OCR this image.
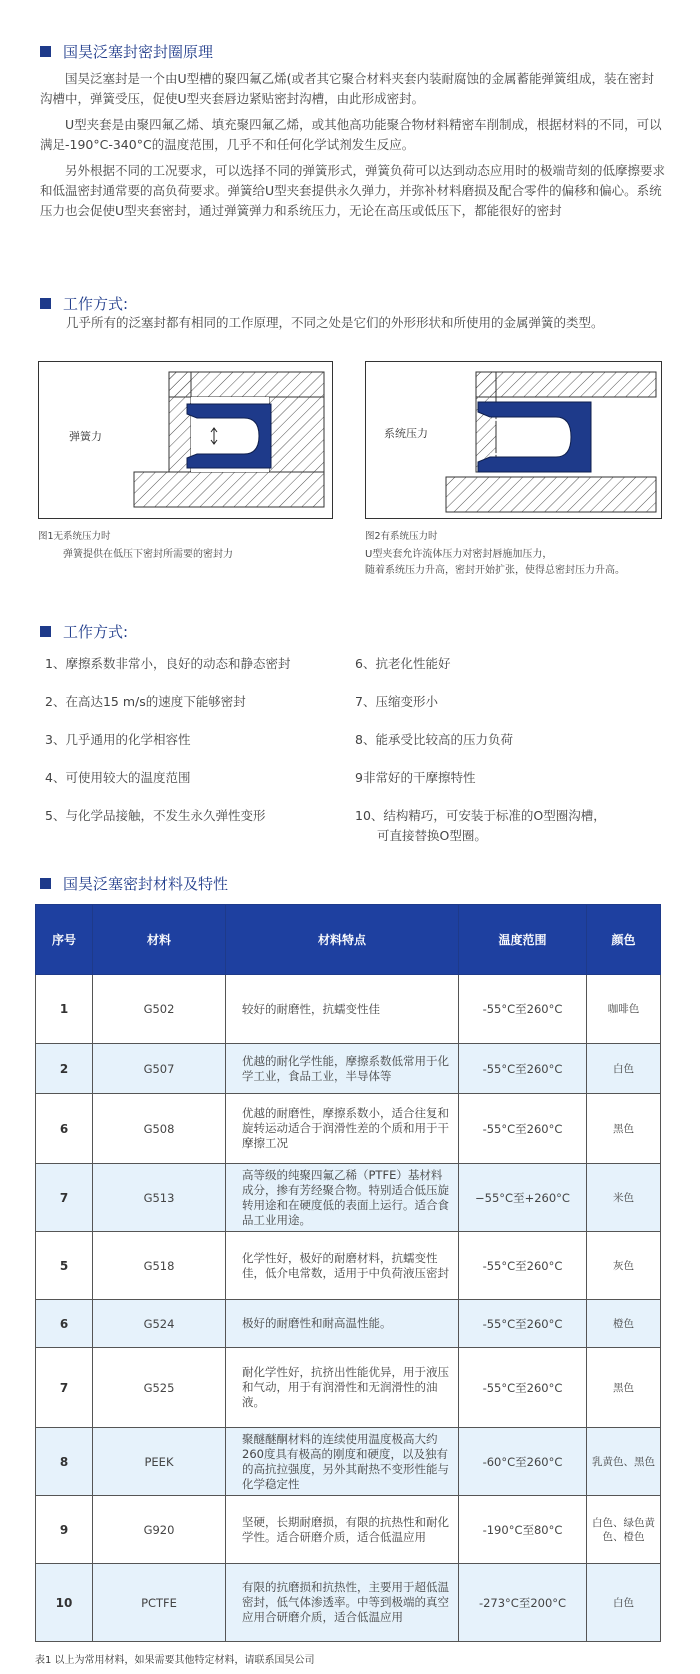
国昊泛塞封密封圈原理
国昊泛塞封是一个由U型槽的聚四氟乙烯(或者其它聚合材料夹套内装耐腐蚀的金属蓄能弹簧组成，装在密封沟槽中，弹簧受压，促使U型夹套唇边紧贴密封沟槽，由此形成密封。
U型夹套是由聚四氟乙烯、填充聚四氟乙烯，或其他高功能聚合物材料精密车削制成，根据材料的不同，可以满足-190°C-340°C的温度范围，几乎不和任何化学试剂发生反应。
另外根据不同的工况要求，可以选择不同的弹簧形式，弹簧负荷可以达到动态应用时的极端苛刻的低摩擦要求和低温密封通常要的高负荷要求。弹簧给U型夹套提供永久弹力，并弥补材料磨损及配合零件的偏移和偏心。系统压力也会促使U型夹套密封，通过弹簧弹力和系统压力，无论在高压或低压下，都能很好的密封
工作方式:
几乎所有的泛塞封都有相同的工作原理，不同之处是它们的外形形状和所使用的金属弹簧的类型。
弹簧力	系统压力
图1无系统压力时
弹簧提供在低压下密封所需要的密封力
图2有系统压力时
U型夹套允许流体压力对密封唇施加压力，
随着系统压力升高，密封开始扩张，使得总密封压力升高。
工作方式:
1、摩擦系数非常小，良好的动态和静态密封
2、在高达15 m/s的速度下能够密封
3、几乎通用的化学相容性
4、可使用较大的温度范围
5、与化学品接触，不发生永久弹性变形
6、抗老化性能好
7、压缩变形小
8、能承受比较高的压力负荷
9非常好的干摩擦特性
10、结构精巧，可安装于标准的O型圈沟槽，
可直接替换O型圈。
国昊泛塞密封材料及特性
序号	材料	材料特点	温度范围	颜色
1	G502	较好的耐磨性，抗蠕变性佳	-55°C至260°C	咖啡色
2	G507	优越的耐化学性能，摩擦系数低常用于化学工业，食品工业，半导体等	-55°C至260°C	白色
6	G508	优越的耐磨性，摩擦系数小，适合往复和旋转运动适合于润滑性差的个质和用于干摩擦工况	-55°C至260°C	黑色
7	G513	高等级的纯聚四氟乙稀（PTFE）基材料成分，掺有芳经聚合物。特别适合低压旋转用途和在硬度低的表面上运行。适合食品工业用途。	−55°C至+260°C	米色
5	G518	化学性好，极好的耐磨材料，抗蠕变性佳，低介电常数，适用于中负荷液压密封	-55°C至260°C	灰色
6	G524	极好的耐磨性和耐高温性能。	-55°C至260°C	橙色
7	G525	耐化学性好，抗挤出性能优异，用于液压和气动，用于有润滑性和无润滑性的油液。	-55°C至260°C	黑色
8	PEEK	聚醚醚酮材料的连续使用温度极高大约260度具有极高的刚度和硬度，以及独有的高抗拉强度，另外其耐热不变形性能与化学稳定性	-60°C至260°C	乳黄色、黑色
9	G920	坚硬，长期耐磨损，有限的抗热性和耐化学性。适合研磨介质，适合低温应用	-190°C至80°C	白色、绿色黄色、橙色
10	PCTFE	有限的抗磨损和抗热性，主要用于超低温密封，低气体渗透率。中等到极端的真空应用合研磨介质，适合低温应用	-273°C至200°C	白色
表1 以上为常用材料，如果需要其他特定材料，请联系国昊公司
